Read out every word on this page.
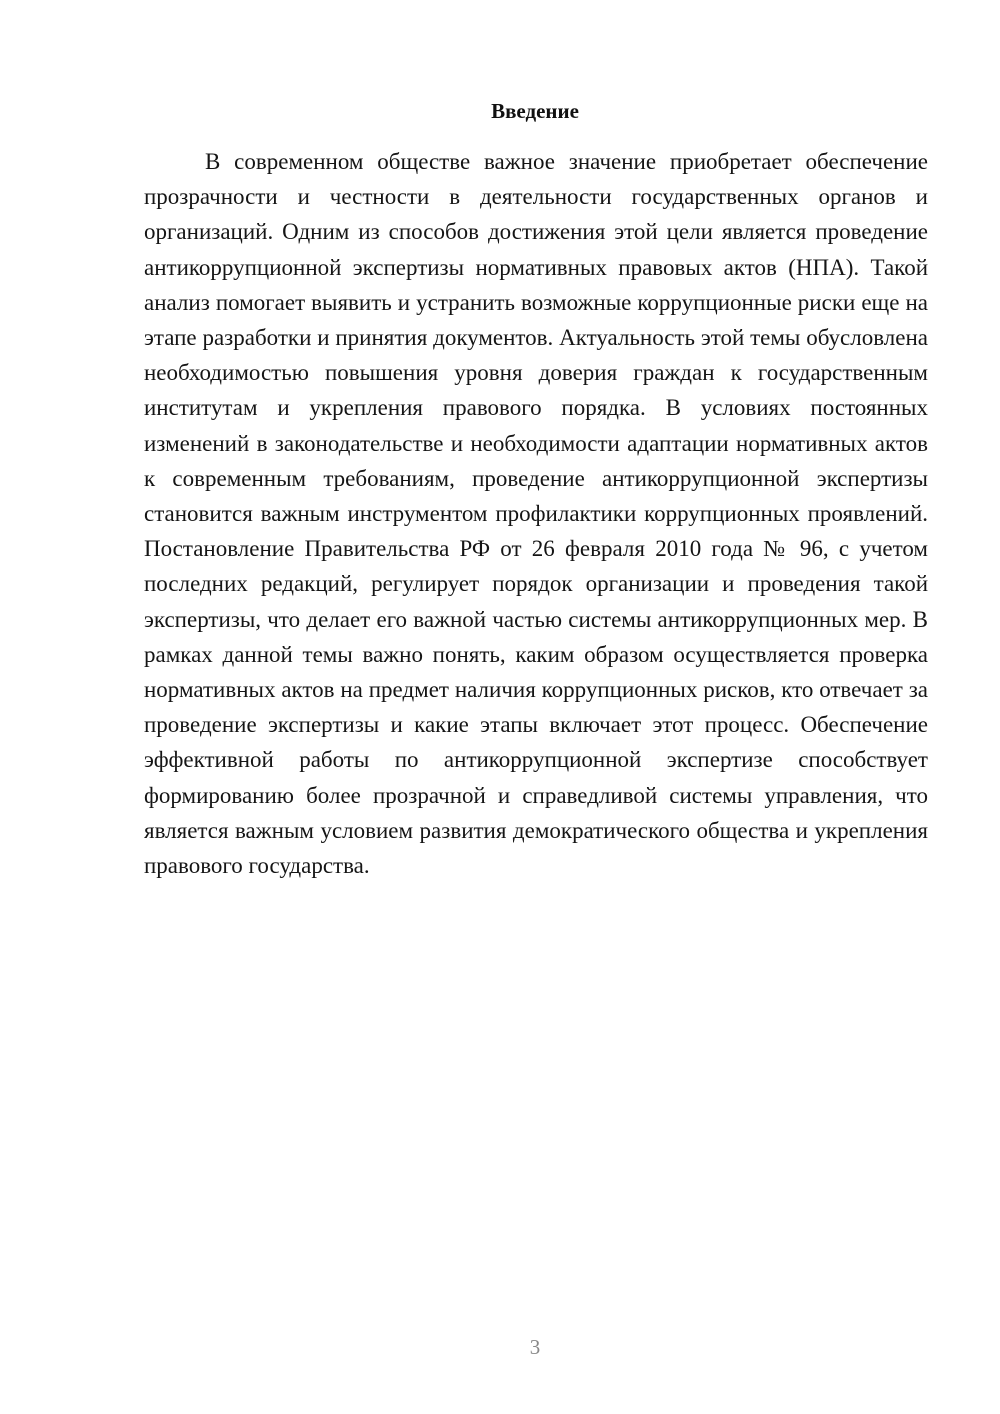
Введение

В современном обществе важное значение приобретает обеспечение прозрачности и честности в деятельности государственных органов и организаций. Одним из способов достижения этой цели является проведение антикоррупционной экспертизы нормативных правовых актов (НПА). Такой анализ помогает выявить и устранить возможные коррупционные риски еще на этапе разработки и принятия документов. Актуальность этой темы обусловлена необходимостью повышения уровня доверия граждан к государственным институтам и укрепления правового порядка. В условиях постоянных изменений в законодательстве и необходимости адаптации нормативных актов к современным требованиям, проведение антикоррупционной экспертизы становится важным инструментом профилактики коррупционных проявлений. Постановление Правительства РФ от 26 февраля 2010 года № 96, с учетом последних редакций, регулирует порядок организации и проведения такой экспертизы, что делает его важной частью системы антикоррупционных мер. В рамках данной темы важно понять, каким образом осуществляется проверка нормативных актов на предмет наличия коррупционных рисков, кто отвечает за проведение экспертизы и какие этапы включает этот процесс. Обеспечение эффективной работы по антикоррупционной экспертизе способствует формированию более прозрачной и справедливой системы управления, что является важным условием развития демократического общества и укрепления правового государства.

3
